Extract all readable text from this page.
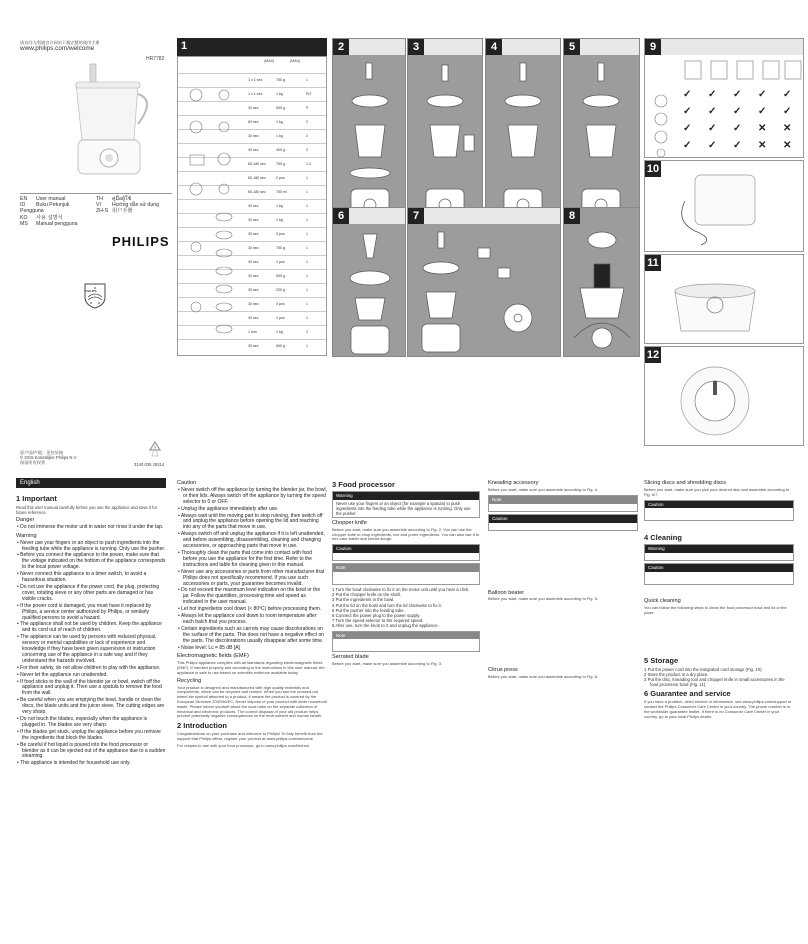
请访问飞利浦官方网站下载完整的使用手册
www.philips.com/welcome
HR7782
EN User manual
ID Buku Petunjuk Pengguna
KO 사용 설명서
MS Manual pengguna
TH คู่มือผู้ใช้
VI Hướng dẫn sử dụng
ZH-S 用户手册
PHILIPS
PHILIPS
原产国/产地：见包装箱
© 2015 Koninklijke Philips N.V.
保留所有权利	3140 035 29314
1
(MAX)	(MAX)
1 x 1 sec	750 g	1
1 x 1 sec	1 kg	P/2
30 sec	500 g	P
60 sec	1 kg	2
30 sec	1 kg	2
30 sec	400 g	2
60-180 sec	750 g	1-2
60-180 sec	2 pcs	1
60-180 sec	750 ml	1
30 sec	1 kg	1
30 sec	1 kg	1
30 sec	3 pcs	1
30 sec	750 g	1
30 sec	1 pcs	1
30 sec	500 g	1
30 sec	200 g	1
30 sec	3 pcs	1
30 sec	1 pcs	1
1 min	1 kg	2
30 sec	500 g	1
2	3	4	5	9
✓ ✓ ✓ ✓ ✓
✓ ✓ ✓ ✓ ✓
✓ ✓ ✓ ✕ ✕
✓ ✓ ✓ ✕ ✕
6	7	8
10
11
12
English
1 Important
Read this user manual carefully before you use the appliance and save it for future reference.
Danger
• Do not immerse the motor unit in water nor rinse it under the tap.
Warning
• Never use your fingers or an object to push ingredients into the feeding tube while the appliance is running. Only use the pusher.
• Before you connect the appliance to the power, make sure that the voltage indicated on the bottom of the appliance corresponds to the local power voltage.
• Never connect this appliance to a timer switch, to avoid a hazardous situation.
• Do not use the appliance if the power cord, the plug, protecting cover, rotating sieve or any other parts are damaged or has visible cracks.
• If the power cord is damaged, you must have it replaced by Philips, a service center authorized by Philips, or similarly qualified persons to avoid a hazard.
• The appliance shall not be used by children. Keep the appliance and its cord out of reach of children.
• The appliance can be used by persons with reduced physical, sensory or mental capabilities or lack of experience and knowledge if they have been given supervision or instruction concerning use of the appliance in a safe way and if they understand the hazards involved.
• For their safety, do not allow children to play with the appliance.
• Never let the appliance run unattended.
• If food sticks to the wall of the blender jar or bowl, switch off the appliance and unplug it. Then use a spatula to remove the food from the wall.
• Be careful when you are emptying the bowl, handle or clean the discs, the blade units and the juicer sieve. The cutting edges are very sharp.
• Do not touch the blades, especially when the appliance is plugged in. The blades are very sharp.
• If the blades get stuck, unplug the appliance before you remove the ingredients that block the blades.
• Be careful if hot liquid is poured into the food processor or blender as it can be ejected out of the appliance due to a sudden steaming.
• This appliance is intended for household use only.
Caution
• Never switch off the appliance by turning the blender jar, the bowl, or their lids. Always switch off the appliance by turning the speed selector to 0 or OFF.
• Unplug the appliance immediately after use.
• Always wait until the moving part to stop running, then switch off and unplug the appliance before opening the lid and reaching into any of the parts that move in use.
• Always switch off and unplug the appliance if it is left unattended, and before assembling, disassembling, cleaning and changing accessories, or approaching parts that move in use.
• Thoroughly clean the parts that come into contact with food before you use the appliance for the first time. Refer to the instructions and table for cleaning given in this manual.
• Never use any accessories or parts from other manufacturer that Philips does not specifically recommend. If you use such accessories or parts, your guarantee becomes invalid.
• Do not exceed the maximum level indication on the bowl or the jar. Follow the quantities, processing time and speed as indicated in the user manual.
• Let hot ingredients cool down (< 80ºC) before processing them.
• Always let the appliance cool down to room temperature after each batch that you process.
• Certain ingredients such as carrots may cause discolorations on the surface of the parts. This does not have a negative effect on the parts. The discolorations usually disappear after some time.
• Noise level: Lc = 85 dB [A]
Electromagnetic fields (EMF)
This Philips appliance complies with all standards regarding electromagnetic fields (EMF). If handled properly and according to the instructions in this user manual, the appliance is safe to use based on scientific evidence available today.
Recycling
Your product is designed and manufactured with high quality materials and components, which can be recycled and reused. When you see the crossed-out wheel bin symbol attached to a product, it means the product is covered by the European Directive 2002/96/EC. Never dispose of your product with other household waste. Please inform yourself about the local rules on the separate collection of electrical and electronic products. The correct disposal of your old product helps prevent potentially negative consequences on the environment and human health.
2 Introduction
Congratulations on your purchase and welcome to Philips! To fully benefit from the support that Philips offers, register your product at www.philips.com/welcome.
For recipes to use with your food processor, go to www.philips.com/kitchen.
3 Food processor
Warning
Never use your fingers or an object (for example a spatula) to push ingredients into the feeding tube while the appliance is running. Only use the pusher.
Chopper knife
Before you start, make sure you assemble according to Fig. 2. You can use the chopper knife to chop ingredients, mix and puree ingredients. You can also use it to mix cake batter and knead dough.
Caution

Note

1 Turn the bowl clockwise to fix it on the motor unit until you hear a click.
2 Put the chopper knife on the shaft.
3 Put the ingredients in the bowl.
4 Put the lid on the bowl and turn the lid clockwise to fix it.
5 Put the pusher into the feeding tube.
6 Connect the power plug to the power supply.
7 Turn the speed selector to the required speed.
8 After use, turn the knob to 0 and unplug the appliance.
Note

Serrated blade
Before you start, make sure you assemble according to Fig. 3.
Kneading accessory
Before you start, make sure you assemble according to Fig. 4.
Note

Caution

Balloon beater
Before you start, make sure you assemble according to Fig. 5.
Citrus press
Before you start, make sure you assemble according to Fig. 8.
Slicing discs and shredding discs
Before you start, make sure you pick your desired disc and assemble according to Fig. 6/7.
Caution

4 Cleaning
Warning

Caution

Quick cleaning
You can follow the following steps to clean the food processor bowl and lid or the juicer.
5 Storage
1 Put the power cord into the integrated cord storage (Fig. 10).
2 Store the product in a dry place.
3 Put the disc, kneading tool and chopper knife in small accessories in the food processor bowl (Fig. 11).
6 Guarantee and service
If you have a problem, need service or information, see www.philips.com/support or contact the Philips Consumer Care Center in your country. The phone number is in the worldwide guarantee leaflet. If there is no Consumer Care Center in your country, go to your local Philips dealer.
